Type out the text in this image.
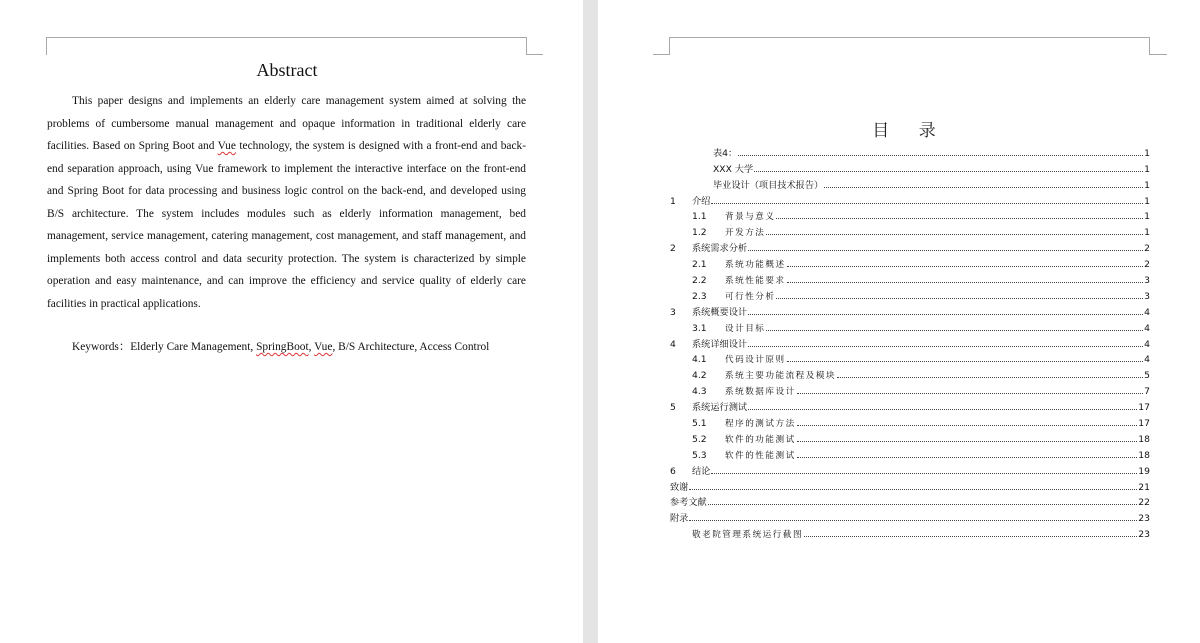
Abstract

This paper designs and implements an elderly care management system aimed at solving the problems of cumbersome manual management and opaque information in traditional elderly care facilities. Based on Spring Boot and Vue technology, the system is designed with a front-end and back-end separation approach, using Vue framework to implement the interactive interface on the front-end and Spring Boot for data processing and business logic control on the back-end, and developed using B/S architecture. The system includes modules such as elderly information management, bed management, service management, catering management, cost management, and staff management, and implements both access control and data security protection. The system is characterized by simple operation and easy maintenance, and can improve the efficiency and service quality of elderly care facilities in practical applications.

Keywords：Elderly Care Management, SpringBoot, Vue, B/S Architecture, Access Control
目 录
表4：	1
XXX 大学	1
毕业设计（项目技术报告）	1
1	介绍	1
1.1	背景与意义	1
1.2	开发方法	1
2	系统需求分析	2
2.1	系统功能概述	2
2.2	系统性能要求	3
2.3	可行性分析	3
3	系统概要设计	4
3.1	设计目标	4
4	系统详细设计	4
4.1	代码设计原则	4
4.2	系统主要功能流程及模块	5
4.3	系统数据库设计	7
5	系统运行测试	17
5.1	程序的测试方法	17
5.2	软件的功能测试	18
5.3	软件的性能测试	18
6	结论	19
致谢	21
参考文献	22
附录	23
敬老院管理系统运行截图	23
